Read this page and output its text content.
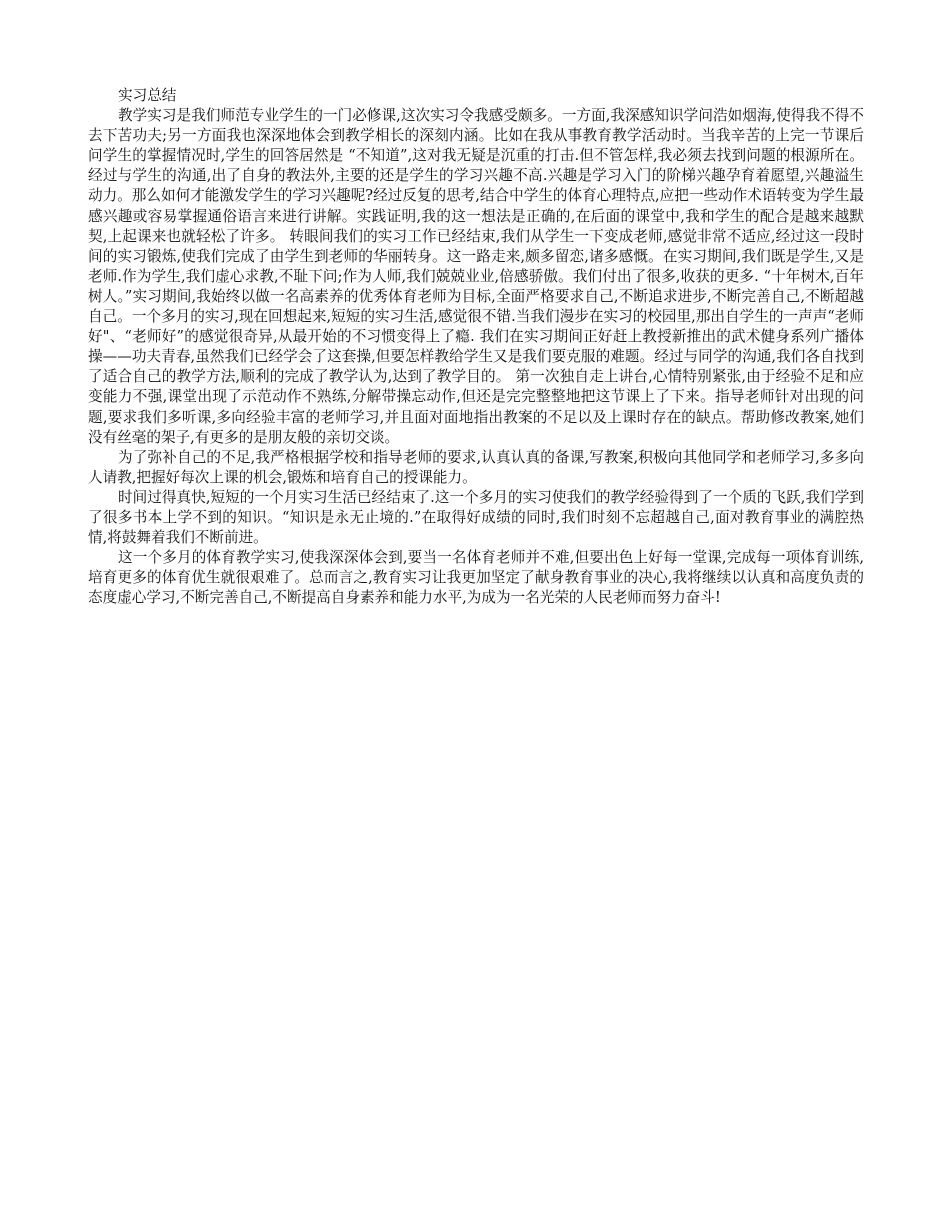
实习总结

教学实习是我们师范专业学生的一门必修课,这次实习令我感受颇多。一方面,我深感知识学问浩如烟海,使得我不得不去下苦功夫;另一方面我也深深地体会到教学相长的深刻内涵。比如在我从事教育教学活动时。当我辛苦的上完一节课后问学生的掌握情况时,学生的回答居然是 “不知道”,这对我无疑是沉重的打击.但不管怎样,我必须去找到问题的根源所在。经过与学生的沟通,出了自身的教法外,主要的还是学生的学习兴趣不高.兴趣是学习入门的阶梯兴趣孕育着愿望,兴趣溢生动力。那么如何才能激发学生的学习兴趣呢?经过反复的思考,结合中学生的体育心理特点,应把一些动作术语转变为学生最感兴趣或容易掌握通俗语言来进行讲解。实践证明,我的这一想法是正确的,在后面的课堂中,我和学生的配合是越来越默契,上起课来也就轻松了许多。 转眼间我们的实习工作已经结束,我们从学生一下变成老师,感觉非常不适应,经过这一段时间的实习锻炼,使我们完成了由学生到老师的华丽转身。这一路走来,颇多留恋,诸多感慨。在实习期间,我们既是学生,又是老师.作为学生,我们虚心求教,不耻下问;作为人师,我们兢兢业业,倍感骄傲。我们付出了很多,收获的更多. “十年树木,百年树人。”实习期间,我始终以做一名高素养的优秀体育老师为目标,全面严格要求自己,不断追求进步,不断完善自己,不断超越自己。一个多月的实习,现在回想起来,短短的实习生活,感觉很不错.当我们漫步在实习的校园里,那出自学生的一声声“老师好"、“老师好”的感觉很奇异,从最开始的不习惯变得上了瘾. 我们在实习期间正好赶上教授新推出的武术健身系列广播体操——功夫青春,虽然我们已经学会了这套操,但要怎样教给学生又是我们要克服的难题。经过与同学的沟通,我们各自找到了适合自己的教学方法,顺利的完成了教学认为,达到了教学目的。 第一次独自走上讲台,心情特别紧张,由于经验不足和应变能力不强,课堂出现了示范动作不熟练,分解带操忘动作,但还是完完整整地把这节课上了下来。指导老师针对出现的问题,要求我们多听课,多向经验丰富的老师学习,并且面对面地指出教案的不足以及上课时存在的缺点。帮助修改教案,她们没有丝毫的架子,有更多的是朋友般的亲切交谈。

为了弥补自己的不足,我严格根据学校和指导老师的要求,认真认真的备课,写教案,积极向其他同学和老师学习,多多向人请教,把握好每次上课的机会,锻炼和培育自己的授课能力。

时间过得真快,短短的一个月实习生活已经结束了.这一个多月的实习使我们的教学经验得到了一个质的飞跃,我们学到了很多书本上学不到的知识。“知识是永无止境的.”在取得好成绩的同时,我们时刻不忘超越自己,面对教育事业的满腔热情,将鼓舞着我们不断前进。

这一个多月的体育教学实习,使我深深体会到,要当一名体育老师并不难,但要出色上好每一堂课,完成每一项体育训练,培育更多的体育优生就很艰难了。总而言之,教育实习让我更加坚定了献身教育事业的决心,我将继续以认真和高度负责的态度虚心学习,不断完善自己,不断提高自身素养和能力水平,为成为一名光荣的人民老师而努力奋斗!
